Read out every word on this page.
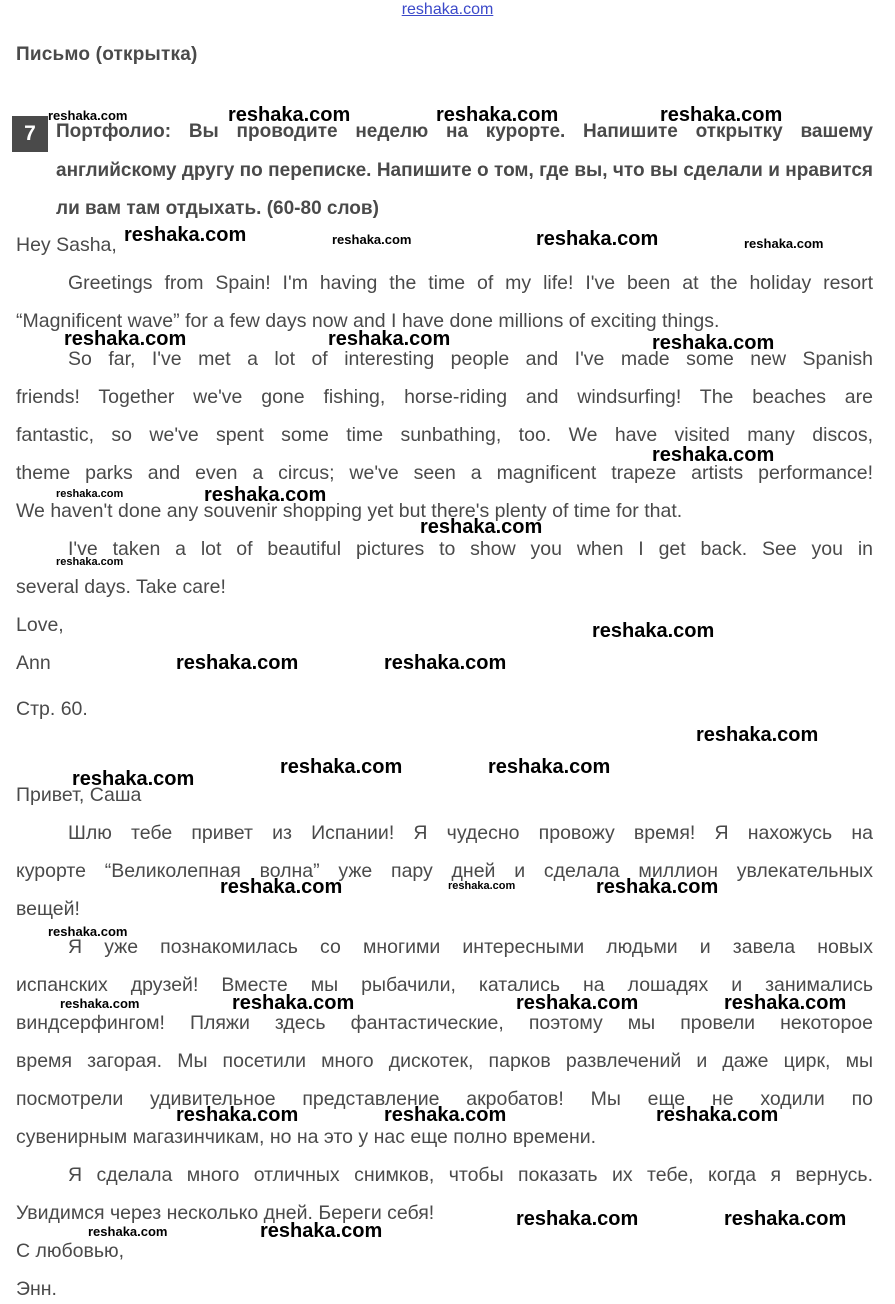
reshaka.com
Письмо (открытка)
7	Портфолио: Вы проводите неделю на курорте. Напишите открытку вашему английскому другу по переписке. Напишите о том, где вы, что вы сделали и нравится ли вам там отдыхать. (60-80 слов)
Hey Sasha,
Greetings from Spain! I'm having the time of my life! I've been at the holiday resort
“Magnificent wave” for a few days now and I have done millions of exciting things.
So far, I've met a lot of interesting people and I've made some new Spanish
friends! Together we've gone fishing, horse-riding and windsurfing! The beaches are
fantastic, so we've spent some time sunbathing, too. We have visited many discos,
theme parks and even a circus; we've seen a magnificent trapeze artists performance!
We haven't done any souvenir shopping yet but there's plenty of time for that.
I've taken a lot of beautiful pictures to show you when I get back. See you in
several days. Take care!
Love,
Ann
Стр. 60.
Привет, Саша
Шлю тебе привет из Испании! Я чудесно провожу время! Я нахожусь на
курорте “Великолепная волна” уже пару дней и сделала миллион увлекательных
вещей!
Я уже познакомилась со многими интересными людьми и завела новых
испанских друзей! Вместе мы рыбачили, катались на лошадях и занимались
виндсерфингом! Пляжи здесь фантастические, поэтому мы провели некоторое
время загорая. Мы посетили много дискотек, парков развлечений и даже цирк, мы
посмотрели удивительное представление акробатов! Мы еще не ходили по
сувенирным магазинчикам, но на это у нас еще полно времени.
Я сделала много отличных снимков, чтобы показать их тебе, когда я вернусь.
Увидимся через несколько дней. Береги себя!
С любовью,
Энн.
reshaka.com	reshaka.com	reshaka.com	reshaka.com
reshaka.com	reshaka.com	reshaka.com	reshaka.com
reshaka.com	reshaka.com	reshaka.com
reshaka.com
reshaka.com	reshaka.com
reshaka.com
reshaka.com
reshaka.com
reshaka.com	reshaka.com
reshaka.com
reshaka.com	reshaka.com
reshaka.com
reshaka.com	reshaka.com	reshaka.com
reshaka.com
reshaka.com	reshaka.com	reshaka.com	reshaka.com
reshaka.com	reshaka.com	reshaka.com
reshaka.com	reshaka.com
reshaka.com	reshaka.com
